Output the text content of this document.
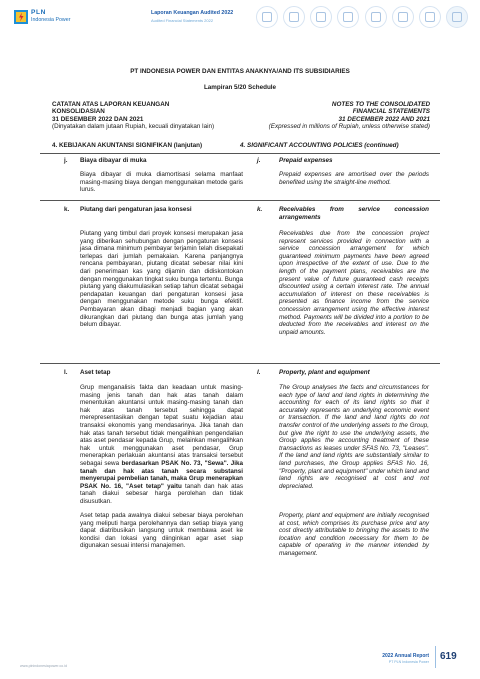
PLN
Indonesia Power
Laporan Keuangan Audited 2022
Audited Financial Statements 2022
PT INDONESIA POWER DAN ENTITAS ANAKNYA/AND ITS SUBSIDIARIES
Lampiran 5/20 Schedule
CATATAN ATAS LAPORAN KEUANGAN
KONSOLIDASIAN
31 DESEMBER 2022 DAN 2021
(Dinyatakan dalam jutaan Rupiah, kecuali dinyatakan lain)
NOTES TO THE CONSOLIDATED
FINANCIAL STATEMENTS
31 DECEMBER 2022 AND 2021
(Expressed in millions of Rupiah, unless otherwise stated)
4. KEBIJAKAN AKUNTANSI SIGNIFIKAN (lanjutan)	4. SIGNIFICANT ACCOUNTING POLICIES (continued)
j. Biaya dibayar di muka	j.	Prepaid expenses
Biaya dibayar di muka diamortisasi selama manfaat masing-masing biaya dengan menggunakan metode garis lurus.
Prepaid expenses are amortised over the periods benefited using the straight-line method.
k. Piutang dari pengaturan jasa konsesi	k.	Receivables from service concession arrangements
Piutang yang timbul dari proyek konsesi merupakan jasa yang diberikan sehubungan dengan pengaturan konsesi jasa dimana minimum pembayar terjamin telah disepakati terlepas dari jumlah pemakaian. Karena panjangnya rencana pembayaran, piutang dicatat sebesar nilai kini dari penerimaan kas yang dijamin dan didiskontokan dengan menggunakan tingkat suku bunga tertentu. Bunga piutang yang diakumulasikan setiap tahun dicatat sebagai pendapatan keuangan dari pengaturan konsesi jasa dengan menggunakan metode suku bunga efektif. Pembayaran akan dibagi menjadi bagian yang akan dikurangkan dari piutang dan bunga atas jumlah yang belum dibayar.
Receivables due from the concession project represent services provided in connection with a service concession arrangement for which guaranteed minimum payments have been agreed upon irrespective of the extent of use. Due to the length of the payment plans, receivables are the present value of future guaranteed cash receipts discounted using a certain interest rate. The annual accumulation of interest on these receivables is presented as finance income from the service concession arrangement using the effective interest method. Payments will be divided into a portion to be deducted from the receivables and interest on the unpaid amounts.
l. Aset tetap	l.	Property, plant and equipment
Grup menganalisis fakta dan keadaan untuk masing-masing jenis tanah dan hak atas tanah dalam menentukan akuntansi untuk masing-masing tanah dan hak atas tanah tersebut sehingga dapat merepresentasikan dengan tepat suatu kejadian atau transaksi ekonomis yang mendasarinya. Jika tanah dan hak atas tanah tersebut tidak mengalihkan pengendalian atas aset pendasar kepada Grup, melainkan mengalihkan hak untuk menggunakan aset pendasar, Grup menerapkan perlakuan akuntansi atas transaksi tersebut sebagai sewa berdasarkan PSAK No. 73, "Sewa". Jika tanah dan hak atas tanah secara substansi menyerupai pembelian tanah, maka Grup menerapkan PSAK No. 16, "Aset tetap" yaitu tanah dan hak atas tanah diakui sebesar harga perolehan dan tidak disusutkan.
The Group analyses the facts and circumstances for each type of land and land rights in determining the accounting for each of its land rights so that it accurately represents an underlying economic event or transaction. If the land and land rights do not transfer control of the underlying assets to the Group, but give the right to use the underlying assets, the Group applies the accounting treatment of these transactions as leases under SFAS No. 73, "Leases". If the land and land rights are substantially similar to land purchases, the Group applies SFAS No. 16, "Property, plant and equipment" under which land and land rights are recognised at cost and not depreciated.
Aset tetap pada awalnya diakui sebesar biaya perolehan yang meliputi harga perolehannya dan setiap biaya yang dapat diatribusikan langsung untuk membawa aset ke kondisi dan lokasi yang diinginkan agar aset siap digunakan sesuai intensi manajemen.
Property, plant and equipment are initially recognised at cost, which comprises its purchase price and any cost directly attributable to bringing the assets to the location and condition necessary for them to be capable of operating in the manner intended by management.
www.plnindonesiapower.co.id
2022 Annual Report
PT PLN Indonesia Power 619
